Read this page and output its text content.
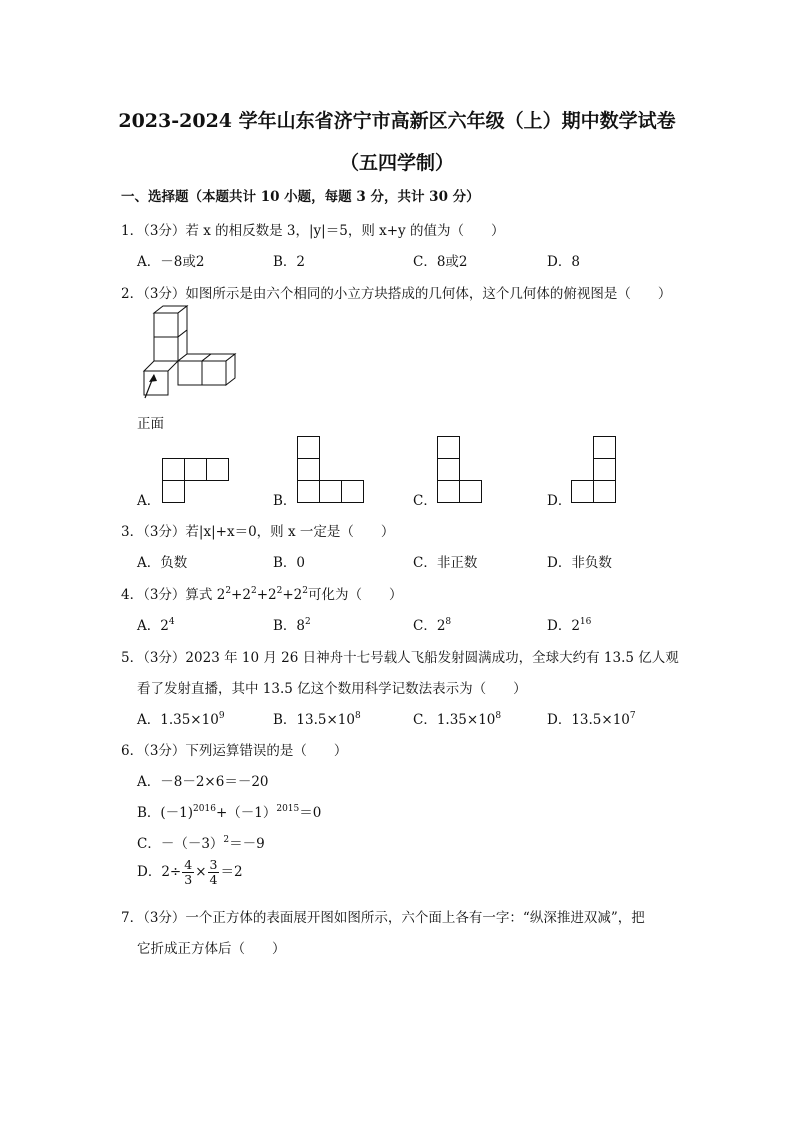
2023-2024 学年山东省济宁市高新区六年级（上）期中数学试卷
（五四学制）
一、选择题（本题共计 10 小题，每题 3 分，共计 30 分）
1．（3分）若 x 的相反数是 3，|y|＝5，则 x+y 的值为（　　）
A．－8或2	B．2	C．8或2	D．8
2．（3分）如图所示是由六个相同的小立方块搭成的几何体，这个几何体的俯视图是（　　）
正面
A．	B．	C．	D．
3．（3分）若|x|+x＝0，则 x 一定是（　　）
A．负数	B．0	C．非正数	D．非负数
4．（3分）算式 $2^2+2^2+2^2+2^2$可化为（　　）
A．$2^4$	B．$8^2$	C．$2^8$	D．$2^{16}$
5．（3分）2023 年 10 月 26 日神舟十七号载人飞船发射圆满成功，全球大约有 13.5 亿人观
看了发射直播，其中 13.5 亿这个数用科学记数法表示为（　　）
A．$1.35\times 10^9$	B．$13.5\times 10^8$	C．$1.35\times 10^8$	D．$13.5\times 10^7$
6．（3分）下列运算错误的是（　　）
A．－8－2×6＝－20
B．$(-1)^{2016}+(-1)^{2015}=0$
C．$-(-3)^2=-9$
D．$2\div \frac{4}{3} \times \frac{3}{4} =2$
7．（3分）一个正方体的表面展开图如图所示，六个面上各有一字：“纵深推进双减”，把
它折成正方体后（　　）
